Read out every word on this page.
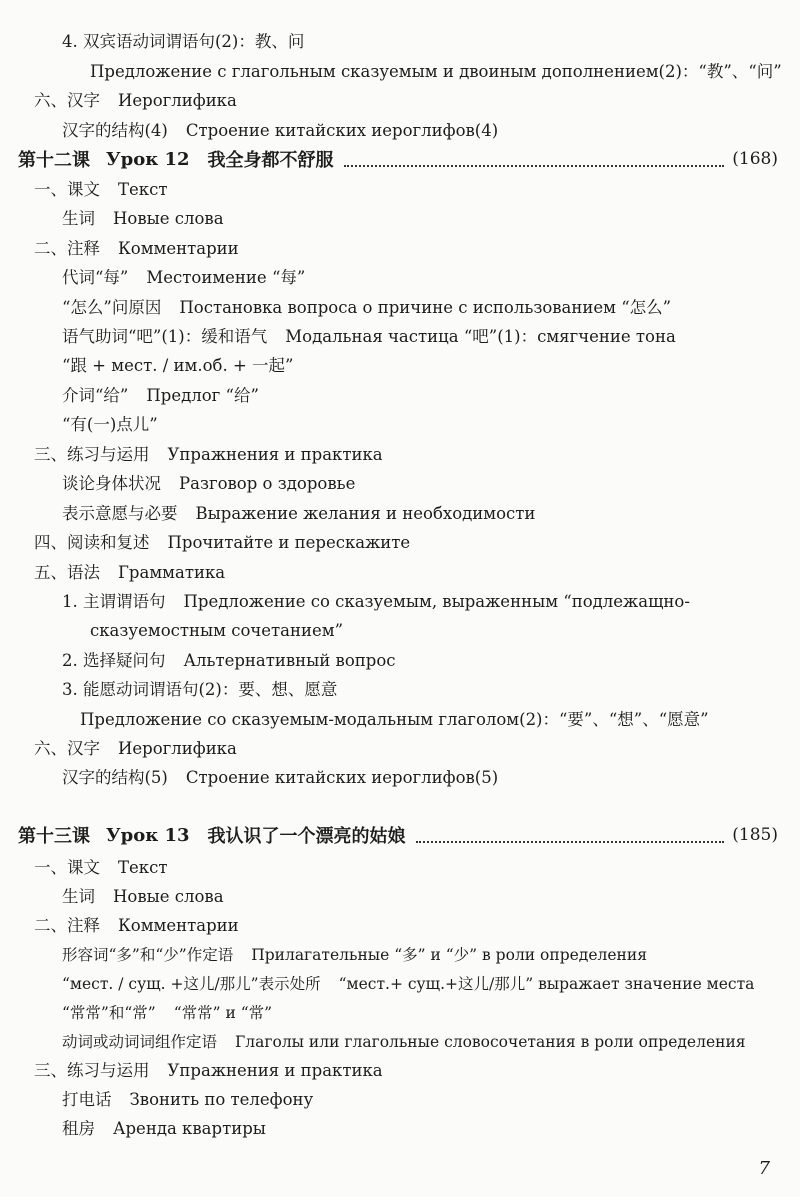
4. 双宾语动词谓语句(2)：教、问
Предложение с глагольным сказуемым и двоиным дополнением(2)：“教”、“问”
六、汉字 Иероглифика
汉字的结构(4) Строение китайских иероглифов(4)
第十二课 Урок 12 我全身都不舒服	(168)
一、课文 Текст
生词 Новые слова
二、注释 Комментарии
代词“每” Местоимение “每”
“怎么”问原因 Постановка вопроса о причине с использованием “怎么”
语气助词“吧”(1)：缓和语气 Модальная частица “吧”(1)：смягчение тона
“跟 + мест. / им.об. + 一起”
介词“给” Предлог “给”
“有(一)点儿”
三、练习与运用 Упражнения и практика
谈论身体状况 Разговор о здоровье
表示意愿与必要 Выражение желания и необходимости
四、阅读和复述 Прочитайте и перескажите
五、语法 Грамматика
1. 主谓谓语句 Предложение со сказуемым, выраженным “подлежащно-
сказуемостным сочетанием”
2. 选择疑问句 Альтернативный вопрос
3. 能愿动词谓语句(2)：要、想、愿意
Предложение со сказуемым-модальным глаголом(2)：“要”、“想”、“愿意”
六、汉字 Иероглифика
汉字的结构(5) Строение китайских иероглифов(5)
第十三课 Урок 13 我认识了一个漂亮的姑娘	(185)
一、课文 Текст
生词 Новые слова
二、注释 Комментарии
形容词“多”和“少”作定语 Прилагательные “多” и “少” в роли определения
“мест. / сущ. +这儿/那儿”表示处所 “мест.+ сущ.+这儿/那儿” выражает значение места
“常常”和“常” “常常” и “常”
动词或动词词组作定语 Глаголы или глагольные словосочетания в роли определения
三、练习与运用 Упражнения и практика
打电话 Звонить по телефону
租房 Аренда квартиры
7
